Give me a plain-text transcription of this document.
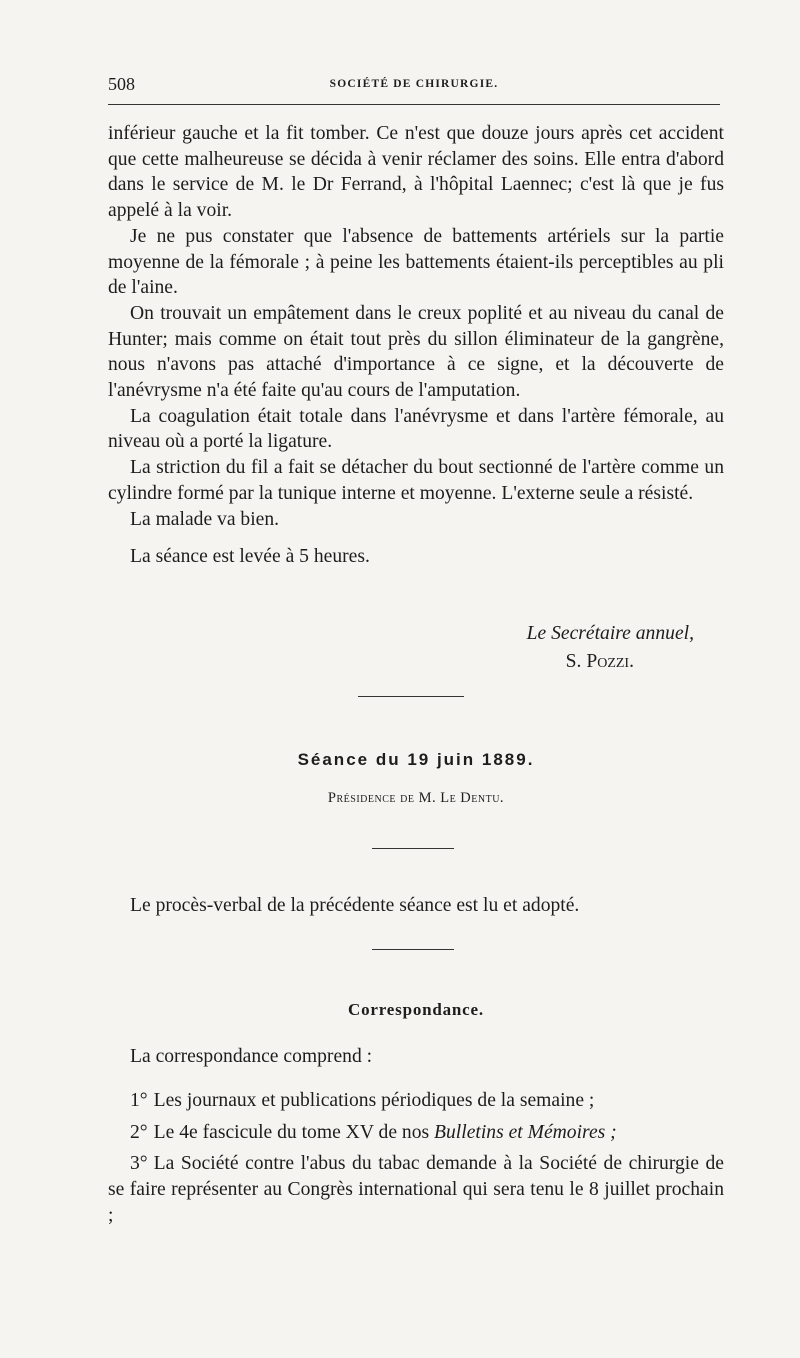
508	SOCIÉTÉ DE CHIRURGIE.

inférieur gauche et la fit tomber. Ce n'est que douze jours après cet accident que cette malheureuse se décida à venir réclamer des soins. Elle entra d'abord dans le service de M. le Dr Ferrand, à l'hôpital Laennec; c'est là que je fus appelé à la voir.

Je ne pus constater que l'absence de battements artériels sur la partie moyenne de la fémorale ; à peine les battements étaient-ils perceptibles au pli de l'aine.

On trouvait un empâtement dans le creux poplité et au niveau du canal de Hunter; mais comme on était tout près du sillon éliminateur de la gangrène, nous n'avons pas attaché d'importance à ce signe, et la découverte de l'anévrysme n'a été faite qu'au cours de l'amputation.

La coagulation était totale dans l'anévrysme et dans l'artère fémorale, au niveau où a porté la ligature.

La striction du fil a fait se détacher du bout sectionné de l'artère comme un cylindre formé par la tunique interne et moyenne. L'externe seule a résisté.

La malade va bien.

La séance est levée à 5 heures.

Le Secrétaire annuel,
S. Pozzi.
Séance du 19 juin 1889.
Présidence de M. Le Dentu.
Le procès-verbal de la précédente séance est lu et adopté.
Correspondance.
La correspondance comprend :

1° Les journaux et publications périodiques de la semaine ;

2° Le 4e fascicule du tome XV de nos Bulletins et Mémoires ;

3° La Société contre l'abus du tabac demande à la Société de chirurgie de se faire représenter au Congrès international qui sera tenu le 8 juillet prochain ;
